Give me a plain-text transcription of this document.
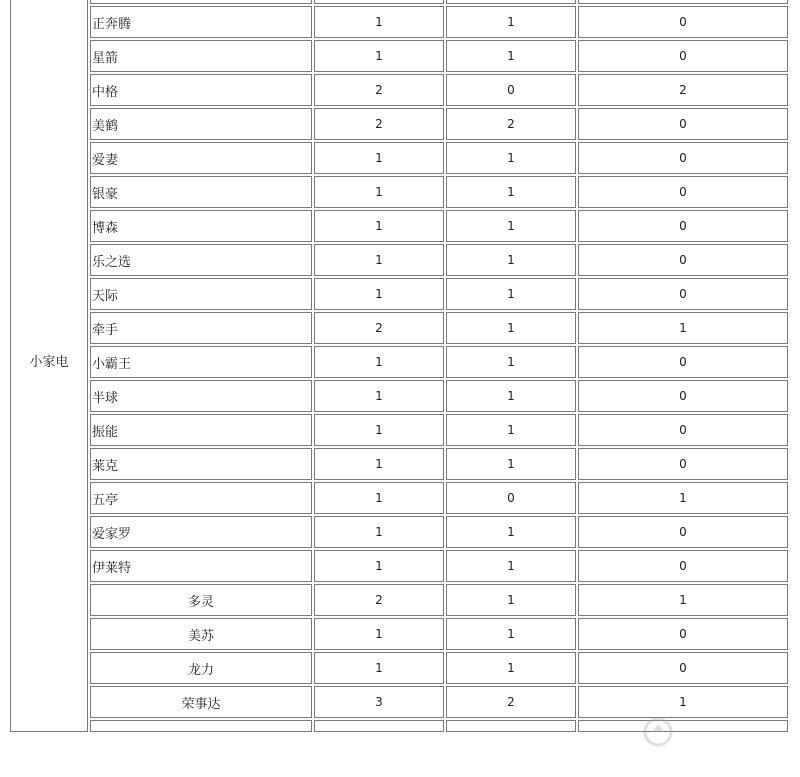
小家电				
	正奔腾	1	1	0
	星箭	1	1	0
	中格	2	0	2
	美鹤	2	2	0
	爱妻	1	1	0
	银豪	1	1	0
	博森	1	1	0
	乐之选	1	1	0
	天际	1	1	0
	牵手	2	1	1
	小霸王	1	1	0
	半球	1	1	0
	振能	1	1	0
	莱克	1	1	0
	五亭	1	0	1
	爱家罗	1	1	0
	伊莱特	1	1	0
	多灵	2	1	1
	美苏	1	1	0
	龙力	1	1	0
	荣事达	3	2	1
